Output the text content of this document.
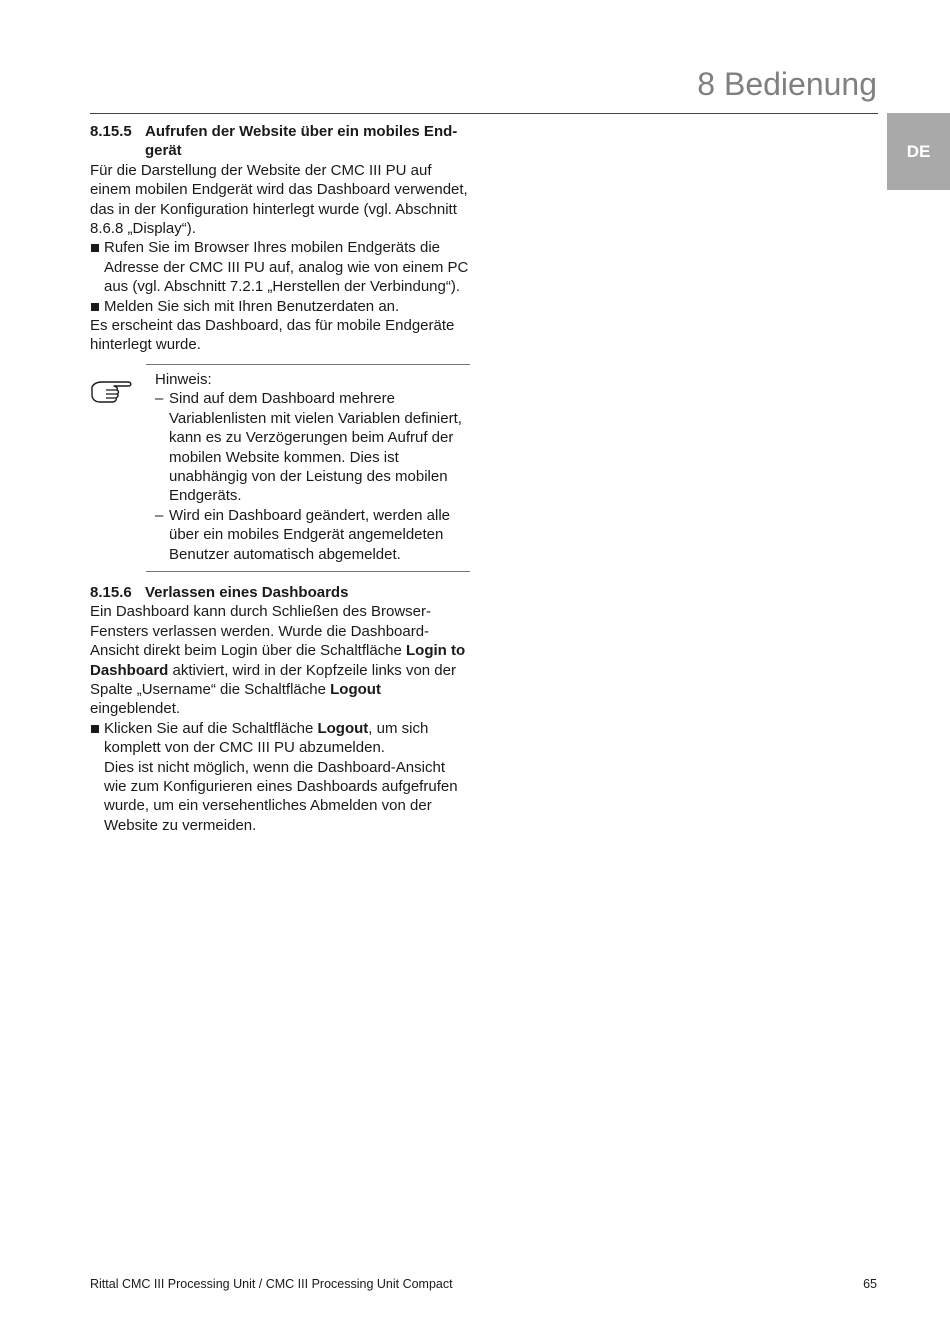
8 Bedienung
DE
8.15.5 Aufrufen der Website über ein mobiles Endgerät

Für die Darstellung der Website der CMC III PU auf einem mobilen Endgerät wird das Dashboard verwendet, das in der Konfiguration hinterlegt wurde (vgl. Abschnitt 8.6.8 „Display“).

Rufen Sie im Browser Ihres mobilen Endgeräts die Adresse der CMC III PU auf, analog wie von einem PC aus (vgl. Abschnitt 7.2.1 „Herstellen der Verbindung“).

Melden Sie sich mit Ihren Benutzerdaten an.

Es erscheint das Dashboard, das für mobile Endgeräte hinterlegt wurde.

Hinweis:

– Sind auf dem Dashboard mehrere Variablenlisten mit vielen Variablen definiert, kann es zu Verzögerungen beim Aufruf der mobilen Website kommen. Dies ist unabhängig von der Leistung des mobilen Endgeräts.

– Wird ein Dashboard geändert, werden alle über ein mobiles Endgerät angemeldeten Benutzer automatisch abgemeldet.

8.15.6 Verlassen eines Dashboards

Ein Dashboard kann durch Schließen des Browser-Fensters verlassen werden. Wurde die Dashboard-Ansicht direkt beim Login über die Schaltfläche Login to Dashboard aktiviert, wird in der Kopfzeile links von der Spalte „Username“ die Schaltfläche Logout eingeblendet.

Klicken Sie auf die Schaltfläche Logout, um sich komplett von der CMC III PU abzumelden.

Dies ist nicht möglich, wenn die Dashboard-Ansicht wie zum Konfigurieren eines Dashboards aufgefrufen wurde, um ein versehentliches Abmelden von der Website zu vermeiden.

Rittal CMC III Processing Unit / CMC III Processing Unit Compact	65
